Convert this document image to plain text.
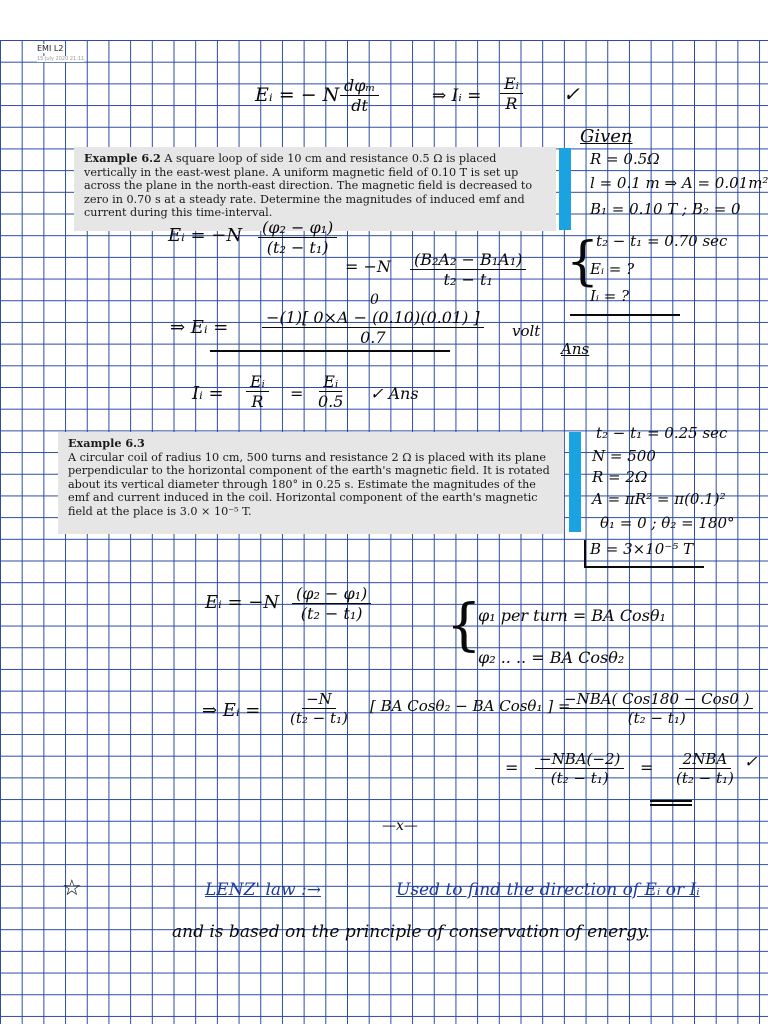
EMI L2
15 July 2020 21:11
Eᵢ = − N dφₘ
dt	⇒ Iᵢ = $\frac{\text{Eᵢ}}{R}$ ✓
Example 6.2 A square loop of side 10 cm and resistance 0.5 Ω is placed vertically in the east-west plane. A uniform magnetic field of 0.10 T is set up across the plane in the north-east direction. The magnetic field is decreased to zero in 0.70 s at a steady rate. Determine the magnitudes of induced emf and current during this time-interval.
Given
R = 0.5Ω
l = 0.1 m ⇒ A = 0.01m²
B₁ = 0.10 T ; B₂ = 0
t₂ − t₁ = 0.70 sec
{
Eᵢ = ?
Iᵢ = ?
Eᵢ = $-N \frac{\text{(φ₂ − φ₁)}}{\text{(t₂ − t₁)}}$
= $-N \frac{\text{(B₂A₂ − B₁A₁)}}{\text{t₂ − t₁}}$
0
⇒ Eᵢ = $\frac{-(1)[ 0\times A - (0.10)(0.01) ]}{0.7}$ volt
Ans
Iᵢ = $\frac{\text{Eᵢ}}{R} = \frac{\text{Eᵢ}}{0.5}$ ✓ Ans
Example 6.3
A circular coil of radius 10 cm, 500 turns and resistance 2 Ω is placed with its plane perpendicular to the horizontal component of the earth's magnetic field. It is rotated about its vertical diameter through 180° in 0.25 s. Estimate the magnitudes of the emf and current induced in the coil. Horizontal component of the earth's magnetic field at the place is 3.0 × 10⁻⁵ T.
t₂ − t₁ = 0.25 sec
N = 500
R = 2Ω
A = πR² = π(0.1)²
θ₁ = 0 ; θ₂ = 180°
B = 3×10⁻⁵ T
Eᵢ = $-N \frac{\text{(φ₂ − φ₁)}}{\text{(t₂ − t₁)}}$ {
φ₁ per turn = BA Cosθ₁
φ₂ .. .. = BA Cosθ₂
⇒ Eᵢ = $\frac{-N}{\text{(t₂ − t₁)}}$ [ BA Cosθ₂ − BA Cosθ₁ ] =
−NBA( Cos180 − Cos0 )
(t₂ − t₁)
= −NBA(−2)
(t₂ − t₁)
= 2NBA
(t₂ − t₁)
✓
—x—
☆	LENZ' law :→	Used to find the direction of Eᵢ or Iᵢ
and is based on the principle of conservation of energy.
